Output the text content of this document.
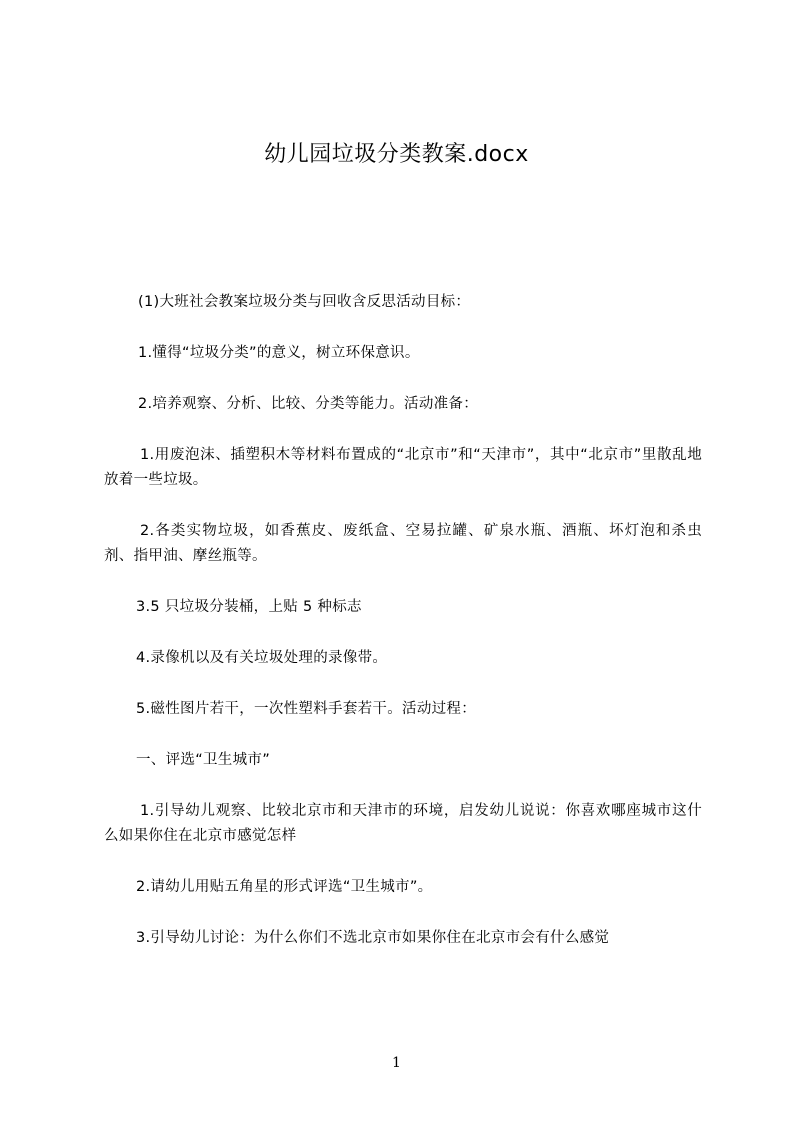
幼儿园垃圾分类教案.docx

(1)大班社会教案垃圾分类与回收含反思活动目标：

1.懂得“垃圾分类”的意义，树立环保意识。

2.培养观察、分析、比较、分类等能力。活动准备：

1.用废泡沫、插塑积木等材料布置成的“北京市”和“天津市”，其中“北京市”里散乱地放着一些垃圾。

2.各类实物垃圾，如香蕉皮、废纸盒、空易拉罐、矿泉水瓶、酒瓶、坏灯泡和杀虫剂、指甲油、摩丝瓶等。

3.5 只垃圾分装桶，上贴 5 种标志

4.录像机以及有关垃圾处理的录像带。

5.磁性图片若干，一次性塑料手套若干。活动过程：

一、评选“卫生城市”

1.引导幼儿观察、比较北京市和天津市的环境，启发幼儿说说：你喜欢哪座城市这什么如果你住在北京市感觉怎样

2.请幼儿用贴五角星的形式评选“卫生城市”。

3.引导幼儿讨论：为什么你们不选北京市如果你住在北京市会有什么感觉

1
